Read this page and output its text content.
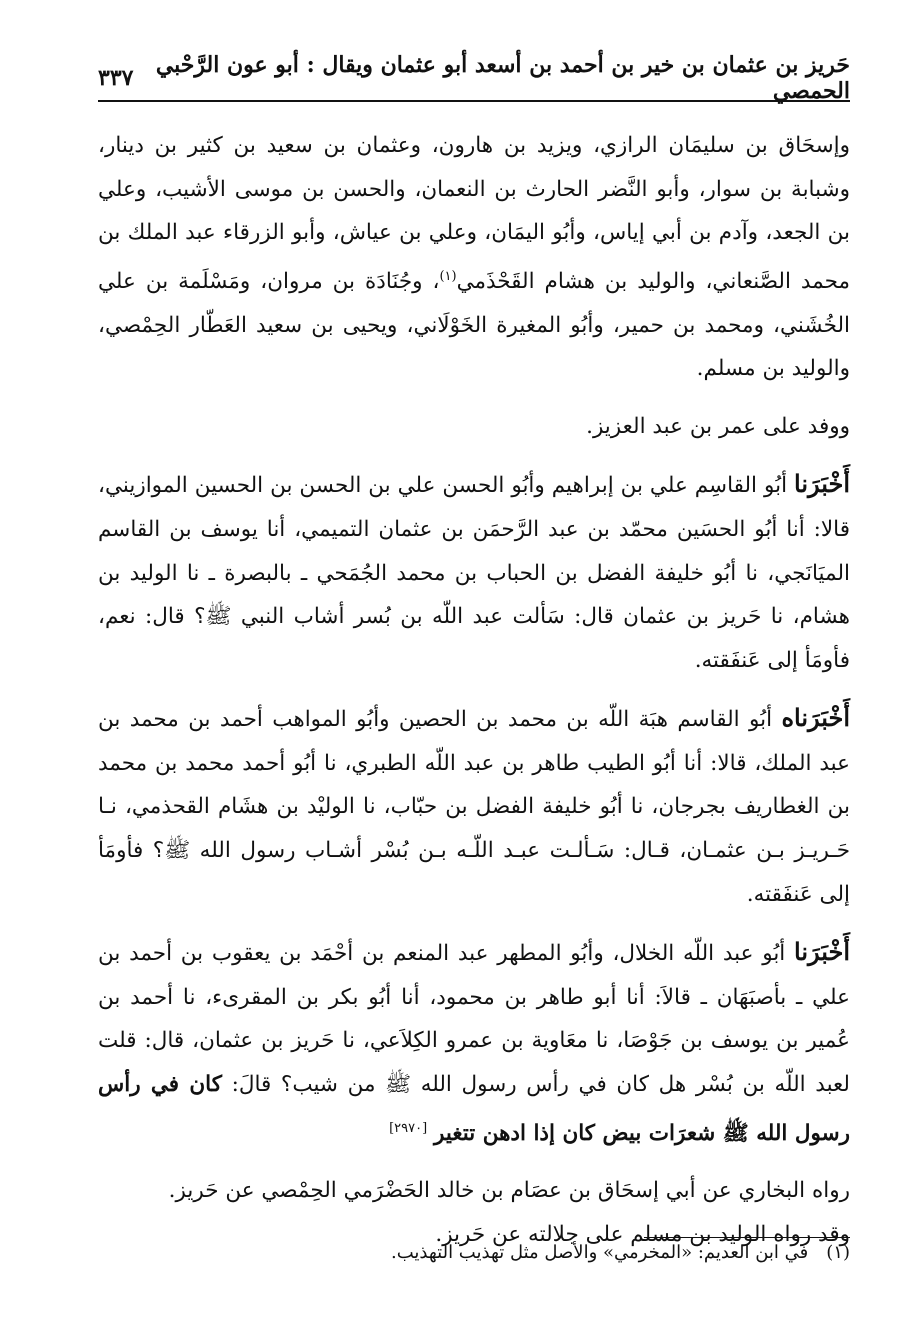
حَريز بن عثمان بن خير بن أحمد بن أسعد أبو عثمان ويقال : أبو عون الرَّحْبي الحمصي
٣٣٧

وإسحَاق بن سليمَان الرازي، ويزيد بن هارون، وعثمان بن سعيد بن كثير بن دينار، وشبابة بن سوار، وأبو النَّضر الحارث بن النعمان، والحسن بن موسى الأشيب، وعلي بن الجعد، وآدم بن أبي إياس، وأبُو اليمَان، وعلي بن عياش، وأبو الزرقاء عبد الملك بن محمد الصَّنعاني، والوليد بن هشام القَحْذَمي$^{(١)}$، وجُنَادَة بن مروان، ومَسْلَمة بن علي الخُشَني، ومحمد بن حمير، وأبُو المغيرة الخَوْلَاني، ويحيى بن سعيد العَطّار الحِمْصي، والوليد بن مسلم.

ووفد على عمر بن عبد العزيز.

أَخْبَرَنا أبُو القاسِم علي بن إبراهيم وأبُو الحسن علي بن الحسن بن الحسين الموازيني، قالا: أنا أبُو الحسَين محمّد بن عبد الرَّحمَن بن عثمان التميمي، أنا يوسف بن القاسم الميَانَجي، نا أبُو خليفة الفضل بن الحباب بن محمد الجُمَحي ـ بالبصرة ـ نا الوليد بن هشام، نا حَريز بن عثمان قال: سَألت عبد اللّه بن بُسر أشاب النبي ﷺ؟ قال: نعم، فأومَأ إلى عَنفَقته.

أَخْبَرَناه أبُو القاسم هبَة اللّه بن محمد بن الحصين وأبُو المواهب أحمد بن محمد بن عبد الملك، قالا: أنا أبُو الطيب طاهر بن عبد اللّه الطبري، نا أبُو أحمد محمد بن محمد بن الغطاريف بجرجان، نا أبُو خليفة الفضل بن حبّاب، نا الوليْد بن هشَام القحذمي، نـا حَـريـز بـن عثمـان، قـال: سَـألـت عبـد اللّـه بـن بُسْر أشـاب رسول الله ﷺ؟ فأومَأ إلى عَنفَقته.

أَخْبَرَنا أبُو عبد اللّه الخلال، وأبُو المطهر عبد المنعم بن أحْمَد بن يعقوب بن أحمد بن علي ـ بأصبَهَان ـ قالاَ: أنا أبو طاهر بن محمود، أنا أبُو بكر بن المقرىء، نا أحمد بن عُمير بن يوسف بن جَوْصَا، نا معَاوية بن عمرو الكِلاَعي، نا حَريز بن عثمان، قال: قلت لعبد اللّه بن بُسْر هل كان في رأس رسول الله ﷺ من شيب؟ قالَ: كان في رأس رسول الله ﷺ شعرَات بيض كان إذا ادهن تتغير [٢٩٧٠]

رواه البخاري عن أبي إسحَاق بن عصَام بن خالد الحَضْرَمي الحِمْصي عن حَريز.

وقد رواه الوليد بن مسلم على جلالته عن حَريز.

(١)في ابن العديم: «المخرمي» والأصل مثل تهذيب التهذيب.
